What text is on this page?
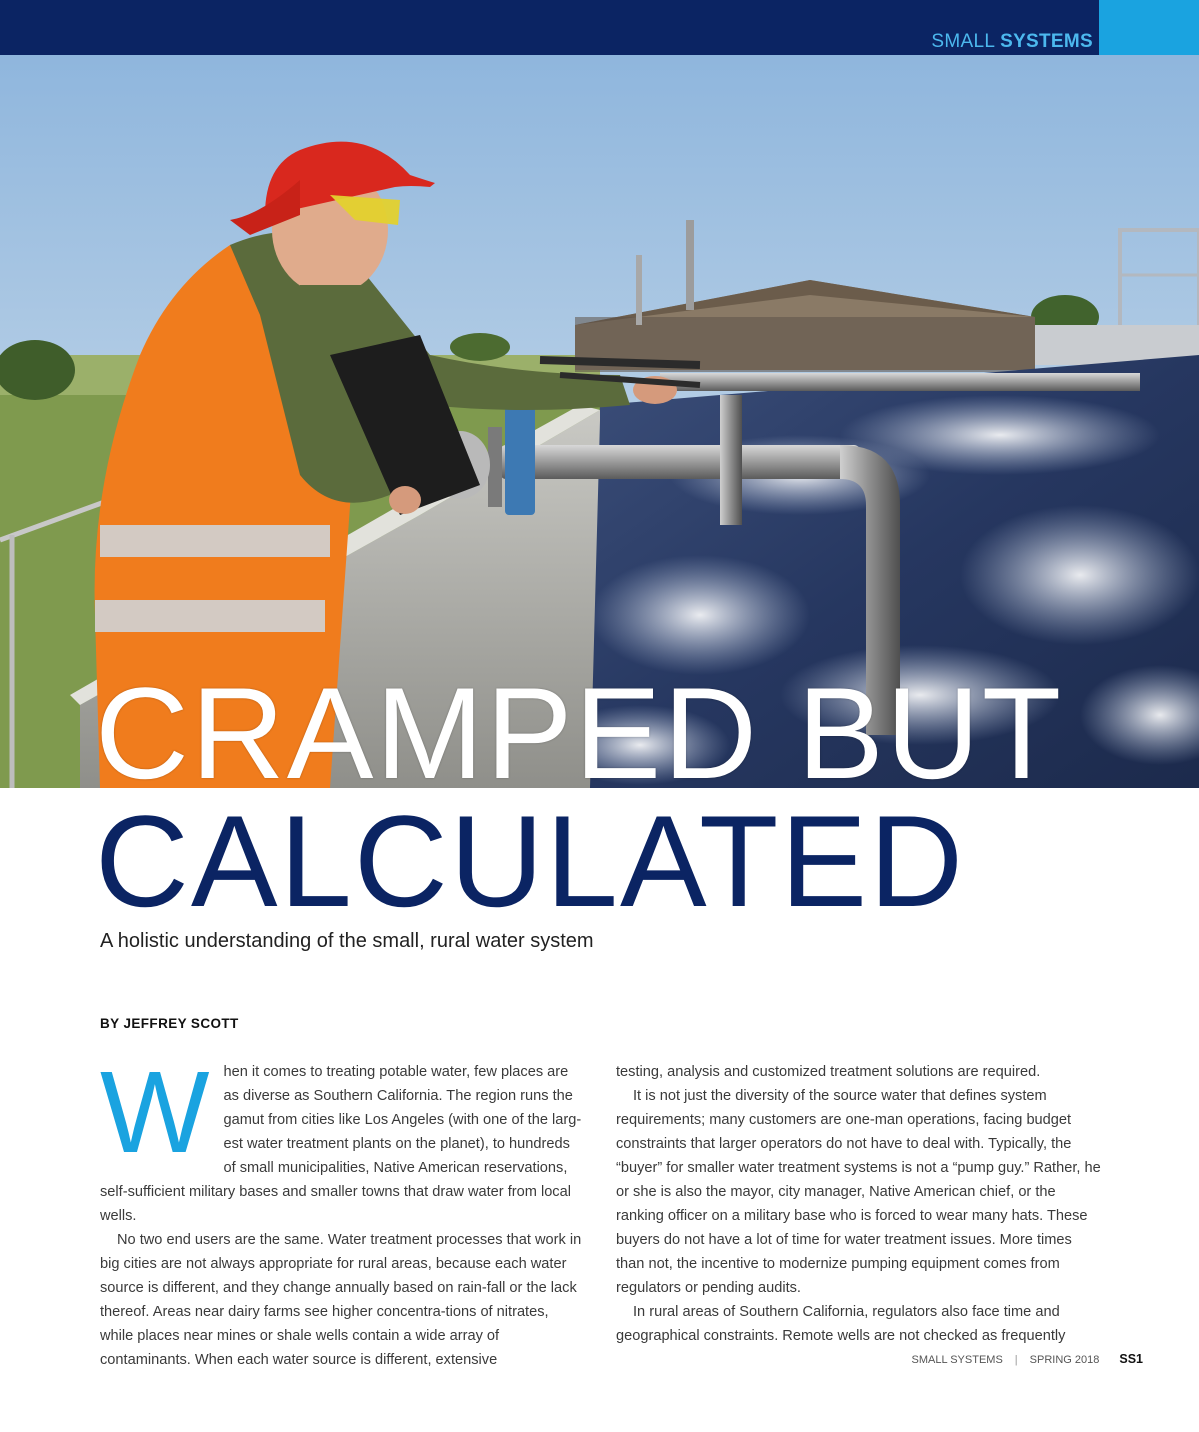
SMALL SYSTEMS
CRAMPED BUT
CALCULATED
A holistic understanding of the small, rural water system
BY JEFFREY SCOTT

When it comes to treating potable water, few places are as diverse as Southern California. The region runs the gamut from cities like Los Angeles (with one of the larg-est water treatment plants on the planet), to hundreds of small municipalities, Native American reservations, self-sufficient military bases and smaller towns that draw water from local wells.

No two end users are the same. Water treatment processes that work in big cities are not always appropriate for rural areas, because each water source is different, and they change annually based on rain-fall or the lack thereof. Areas near dairy farms see higher concentra-tions of nitrates, while places near mines or shale wells contain a wide array of contaminants. When each water source is different, extensive

testing, analysis and customized treatment solutions are required.

It is not just the diversity of the source water that defines system requirements; many customers are one-man operations, facing budget constraints that larger operators do not have to deal with. Typically, the “buyer” for smaller water treatment systems is not a “pump guy.” Rather, he or she is also the mayor, city manager, Native American chief, or the ranking officer on a military base who is forced to wear many hats. These buyers do not have a lot of time for water treatment issues. More times than not, the incentive to modernize pumping equipment comes from regulators or pending audits.

In rural areas of Southern California, regulators also face time and geographical constraints. Remote wells are not checked as frequently

SMALL SYSTEMS | SPRING 2018 SS1
